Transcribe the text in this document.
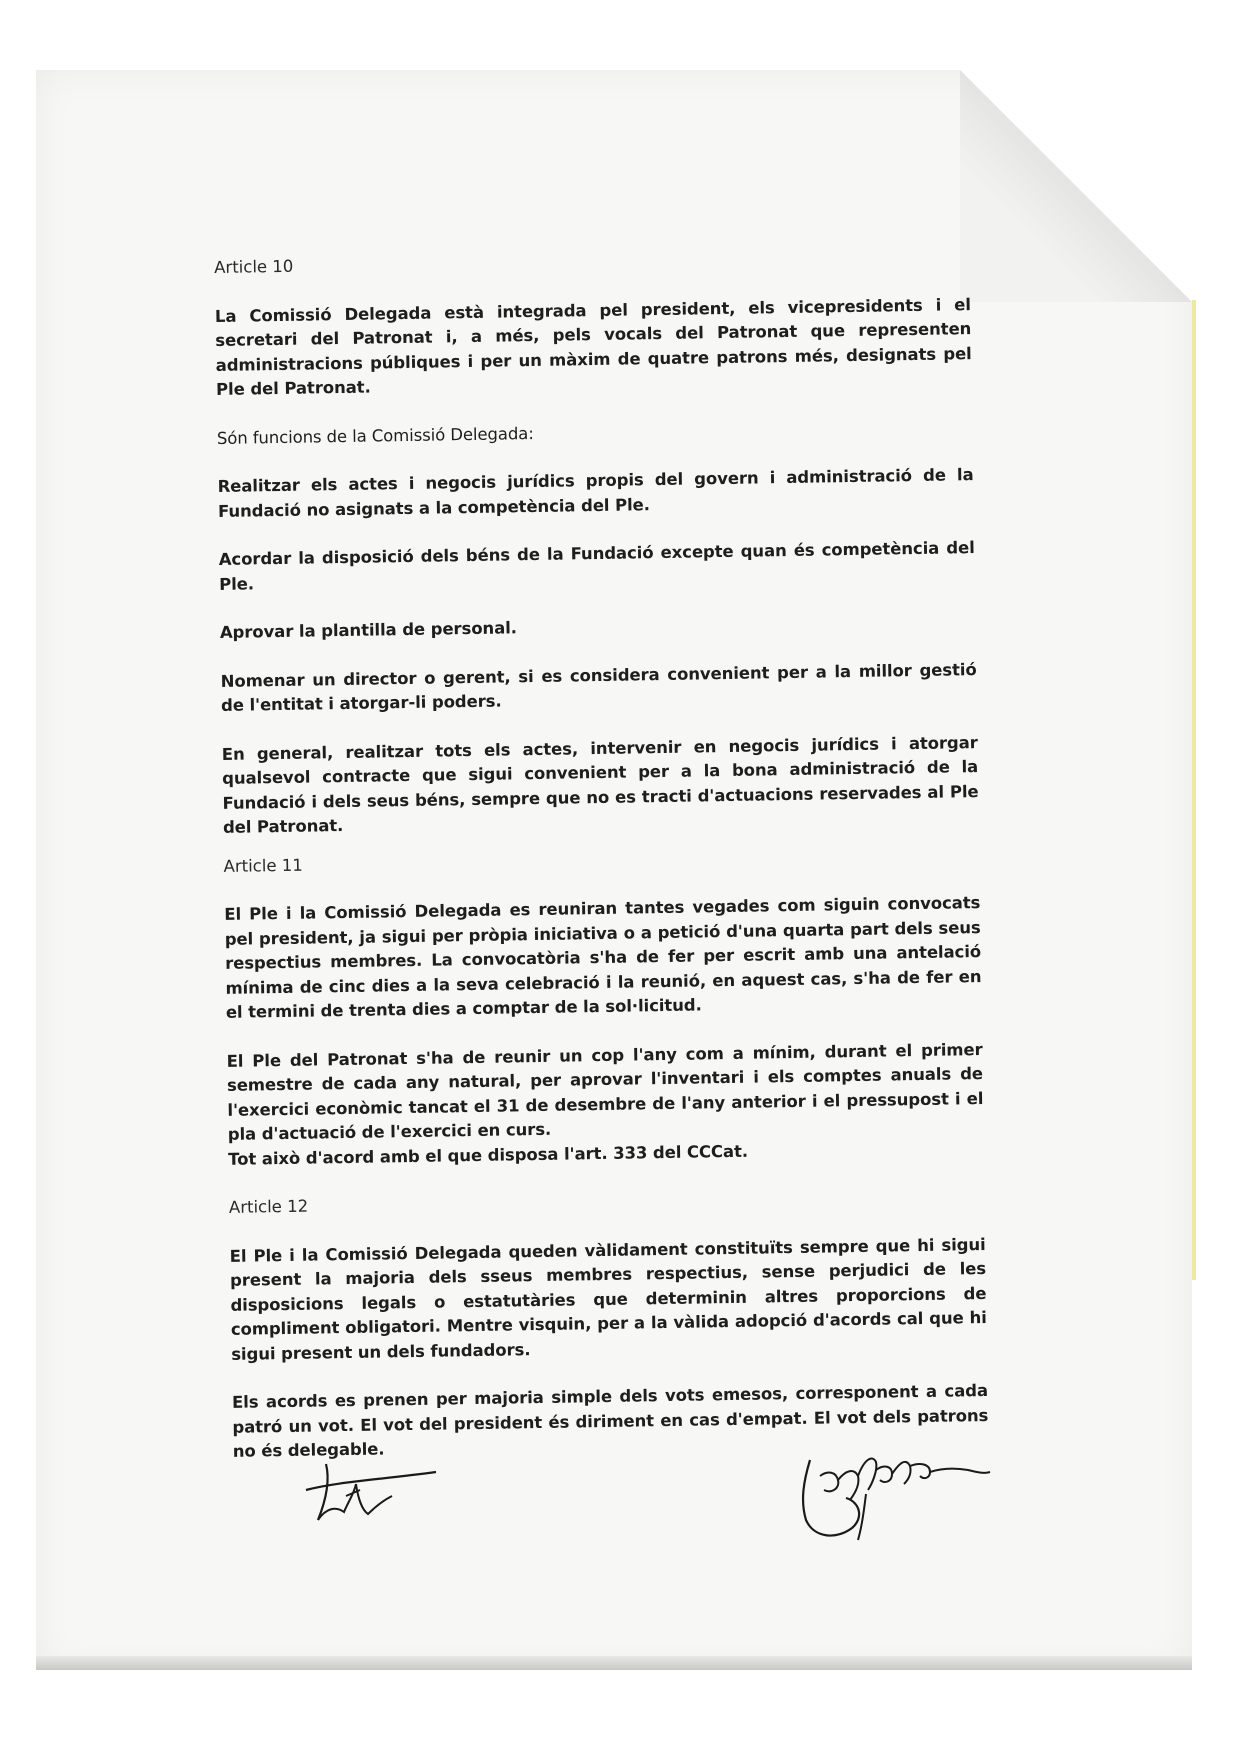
Article 10

La Comissió Delegada està integrada pel president, els vicepresidents i el secretari del Patronat i, a més, pels vocals del Patronat que representen administracions públiques i per un màxim de quatre patrons més, designats pel Ple del Patronat.

Són funcions de la Comissió Delegada:

Realitzar els actes i negocis jurídics propis del govern i administració de la Fundació no asignats a la competència del Ple.

Acordar la disposició dels béns de la Fundació excepte quan és competència del Ple.

Aprovar la plantilla de personal.

Nomenar un director o gerent, si es considera convenient per a la millor gestió de l'entitat i atorgar-li poders.

En general, realitzar tots els actes, intervenir en negocis jurídics i atorgar qualsevol contracte que sigui convenient per a la bona administració de la Fundació i dels seus béns, sempre que no es tracti d'actuacions reservades al Ple del Patronat.

Article 11

El Ple i la Comissió Delegada es reuniran tantes vegades com siguin convocats pel president, ja sigui per pròpia iniciativa o a petició d'una quarta part dels seus respectius membres. La convocatòria s'ha de fer per escrit amb una antelació mínima de cinc dies a la seva celebració i la reunió, en aquest cas, s'ha de fer en el termini de trenta dies a comptar de la sol·licitud.

El Ple del Patronat s'ha de reunir un cop l'any com a mínim, durant el primer semestre de cada any natural, per aprovar l'inventari i els comptes anuals de l'exercici econòmic tancat el 31 de desembre de l'any anterior i el pressupost i el pla d'actuació de l'exercici en curs.

Tot això d'acord amb el que disposa l'art. 333 del CCCat.

Article 12

El Ple i la Comissió Delegada queden vàlidament constituïts sempre que hi sigui present la majoria dels sseus membres respectius, sense perjudici de les disposicions legals o estatutàries que determinin altres proporcions de compliment obligatori. Mentre visquin, per a la vàlida adopció d'acords cal que hi sigui present un dels fundadors.

Els acords es prenen per majoria simple dels vots emesos, corresponent a cada patró un vot. El vot del president és diriment en cas d'empat. El vot dels patrons no és delegable.
